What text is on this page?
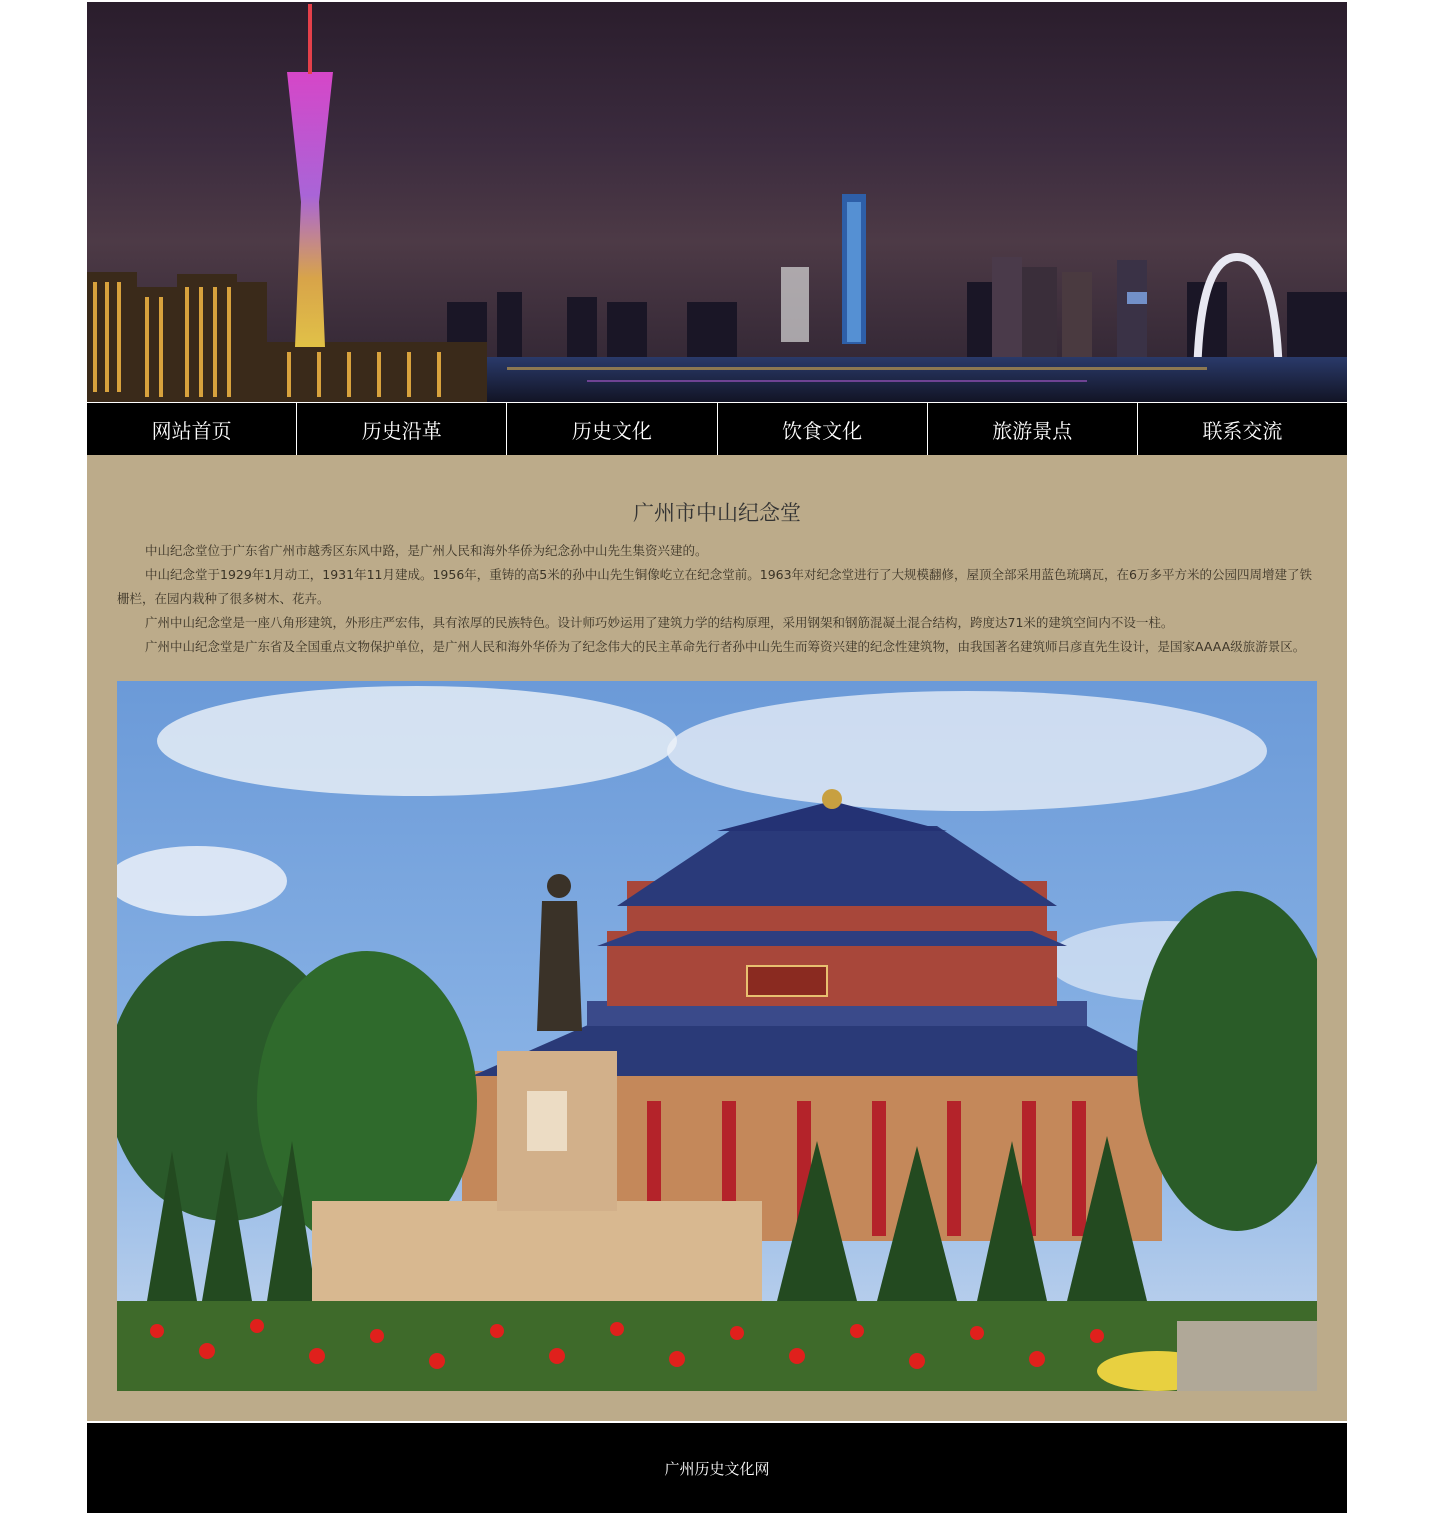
网站首页	历史沿革	历史文化	饮食文化	旅游景点	联系交流
广州市中山纪念堂

中山纪念堂位于广东省广州市越秀区东风中路，是广州人民和海外华侨为纪念孙中山先生集资兴建的。

中山纪念堂于1929年1月动工，1931年11月建成。1956年，重铸的高5米的孙中山先生铜像屹立在纪念堂前。1963年对纪念堂进行了大规模翻修，屋顶全部采用蓝色琉璃瓦，在6万多平方米的公园四周增建了铁栅栏，在园内栽种了很多树木、花卉。

广州中山纪念堂是一座八角形建筑，外形庄严宏伟，具有浓厚的民族特色。设计师巧妙运用了建筑力学的结构原理，采用钢架和钢筋混凝土混合结构，跨度达71米的建筑空间内不设一柱。

广州中山纪念堂是广东省及全国重点文物保护单位，是广州人民和海外华侨为了纪念伟大的民主革命先行者孙中山先生而筹资兴建的纪念性建筑物，由我国著名建筑师吕彦直先生设计，是国家AAAA级旅游景区。

广州历史文化网
